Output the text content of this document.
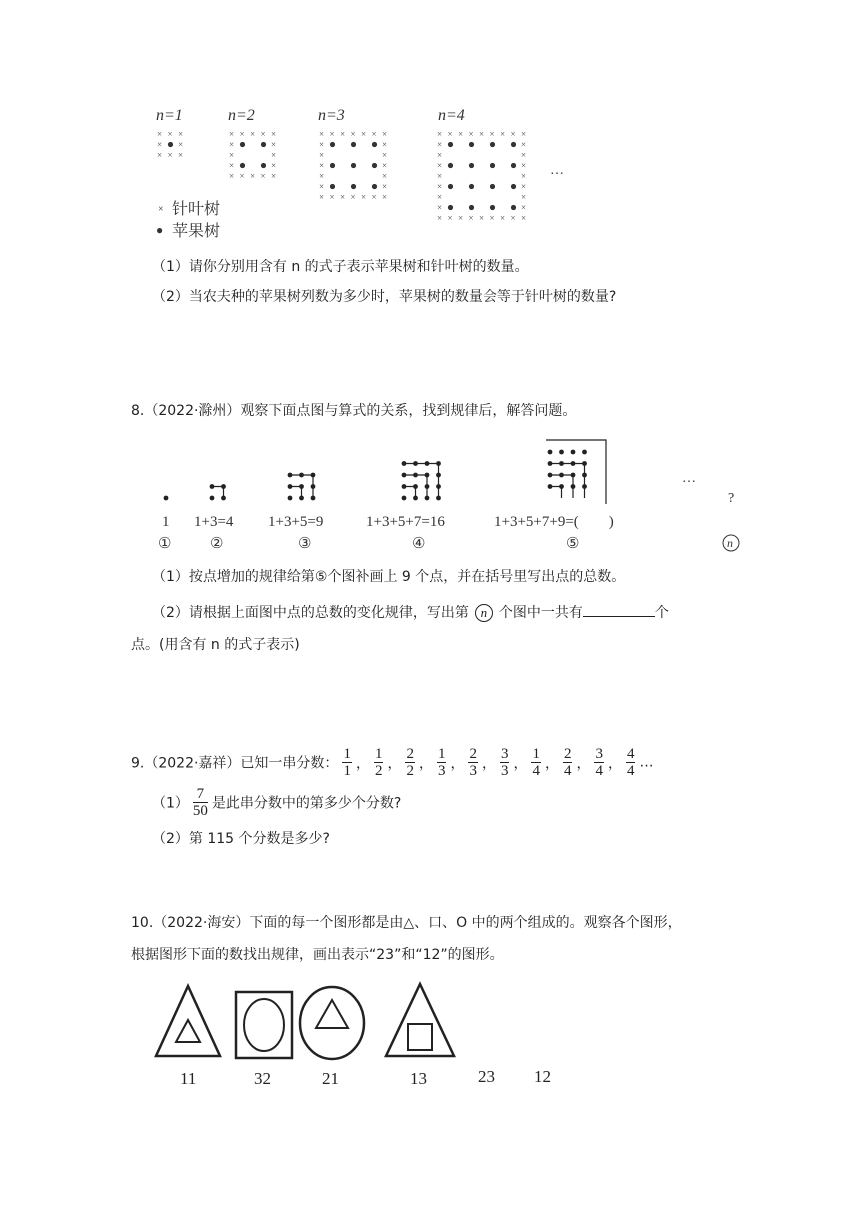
n=1	n=2	n=3	n=4
…
× × ×
× ×
× × ×
× × × × ×
×	×
×	×
×	×
× × × × ×
× × × × × × ×
×	×
×	×
×	×
×	×
×	×
× × × × × × ×
× × × × × × × × ×
×	×
×	×
×	×
×	×
×	×
×	×
×	×
× × × × × × × × ×
× 针叶树
● 苹果树
（1）请你分别用含有 n 的式子表示苹果树和针叶树的数量。
（2）当农夫种的苹果树列数为多少时，苹果树的数量会等于针叶树的数量?
8.（2022·滁州）观察下面点图与算式的关系，找到规律后，解答问题。
1 1+3=4 1+3+5=9	1+3+5+7=16	1+3+5+7+9=(　　)
①	②	③	④	⑤	n
…
?
（1）按点增加的规律给第⑤个图补画上 9 个点，并在括号里写出点的总数。
（2）请根据上面图中点的总数的变化规律，写出第 n 个图中一共有	个
点。(用含有 n 的式子表示)
9.（2022·嘉祥）已知一串分数： $\frac{1}{1}$ ， $\frac{1}{2}$ ， $\frac{2}{2}$ ， $\frac{1}{3}$ ， $\frac{2}{3}$ ， $\frac{3}{3}$ ， $\frac{1}{4}$ ， $\frac{2}{4}$ ， $\frac{3}{4}$ ， $\frac{4}{4}$ …
$(1) \frac{7}{50}$ 是此串分数中的第多少个分数?
（2）第 115 个分数是多少?
10.（2022·海安）下面的每一个图形都是由△、口、O 中的两个组成的。观察各个图形，
根据图形下面的数找出规律，画出表示“23”和“12”的图形。
11	32	21	13	23 12
